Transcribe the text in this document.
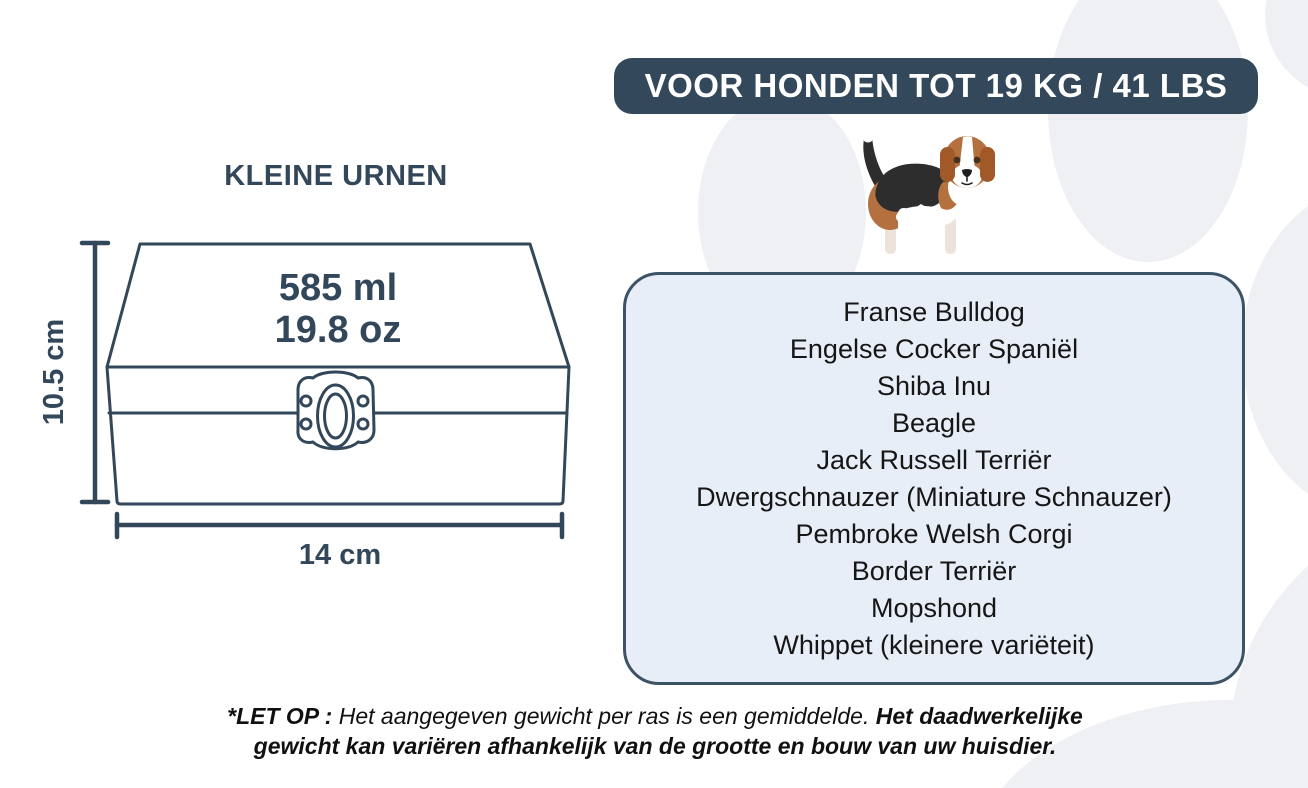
VOOR HONDEN TOT 19 KG / 41 LBS
KLEINE URNEN
585 ml
19.8 oz
10.5 cm
14 cm
Franse Bulldog
Engelse Cocker Spaniël
Shiba Inu
Beagle
Jack Russell Terriër
Dwergschnauzer (Miniature Schnauzer)
Pembroke Welsh Corgi
Border Terriër
Mopshond
Whippet (kleinere variëteit)
*LET OP : Het aangegeven gewicht per ras is een gemiddelde. Het daadwerkelijke
gewicht kan variëren afhankelijk van de grootte en bouw van uw huisdier.
